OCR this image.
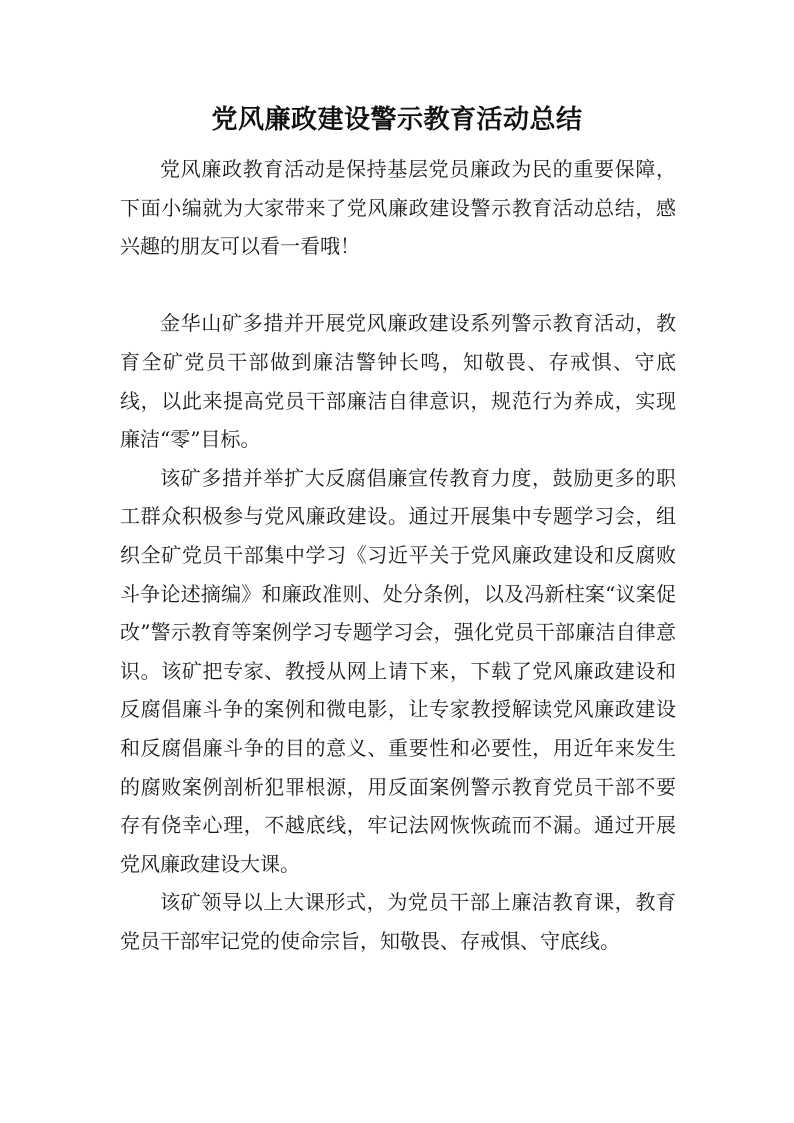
党风廉政建设警示教育活动总结

党风廉政教育活动是保持基层党员廉政为民的重要保障，下面小编就为大家带来了党风廉政建设警示教育活动总结，感兴趣的朋友可以看一看哦！

金华山矿多措并开展党风廉政建设系列警示教育活动，教育全矿党员干部做到廉洁警钟长鸣，知敬畏、存戒惧、守底线，以此来提高党员干部廉洁自律意识，规范行为养成，实现廉洁“零”目标。

该矿多措并举扩大反腐倡廉宣传教育力度，鼓励更多的职工群众积极参与党风廉政建设。通过开展集中专题学习会，组织全矿党员干部集中学习《习近平关于党风廉政建设和反腐败斗争论述摘编》和廉政准则、处分条例，以及冯新柱案“议案促改”警示教育等案例学习专题学习会，强化党员干部廉洁自律意识。该矿把专家、教授从网上请下来，下载了党风廉政建设和反腐倡廉斗争的案例和微电影，让专家教授解读党风廉政建设和反腐倡廉斗争的目的意义、重要性和必要性，用近年来发生的腐败案例剖析犯罪根源，用反面案例警示教育党员干部不要存有侥幸心理，不越底线，牢记法网恢恢疏而不漏。通过开展党风廉政建设大课。

该矿领导以上大课形式，为党员干部上廉洁教育课，教育党员干部牢记党的使命宗旨，知敬畏、存戒惧、守底线。
